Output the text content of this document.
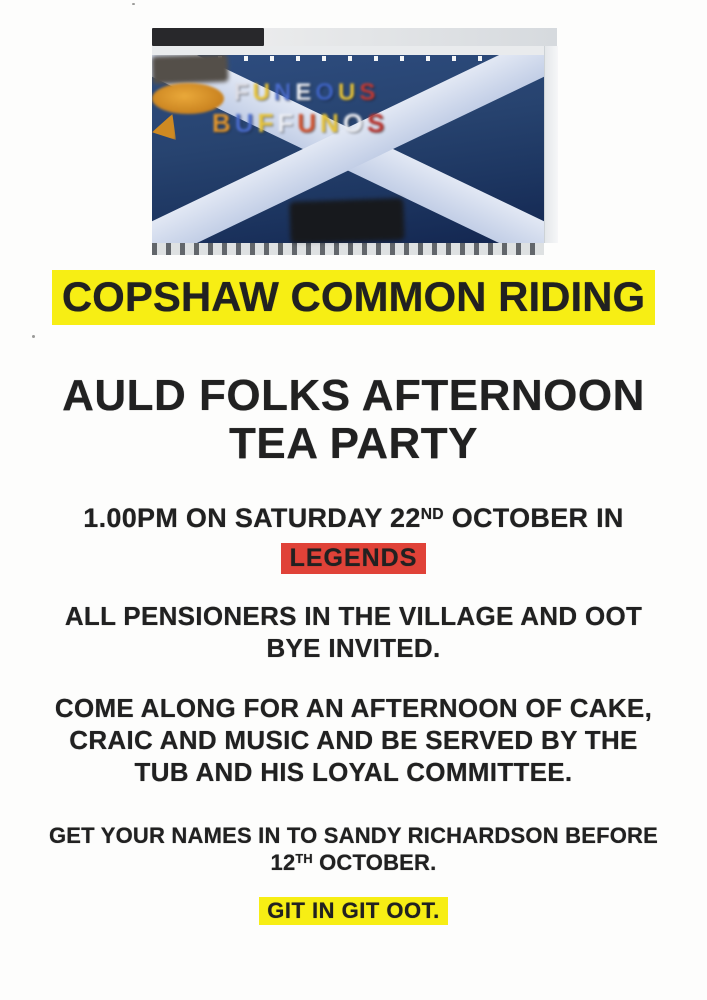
FUNEOUS
BUFFUNOS
COPSHAW COMMON RIDING
AULD FOLKS AFTERNOON
TEA PARTY
1.00PM ON SATURDAY 22ND OCTOBER IN
LEGENDS

ALL PENSIONERS IN THE VILLAGE AND OOT
BYE INVITED.

COME ALONG FOR AN AFTERNOON OF CAKE,
CRAIC AND MUSIC AND BE SERVED BY THE
TUB AND HIS LOYAL COMMITTEE.

GET YOUR NAMES IN TO SANDY RICHARDSON BEFORE
12TH OCTOBER.

GIT IN GIT OOT.
